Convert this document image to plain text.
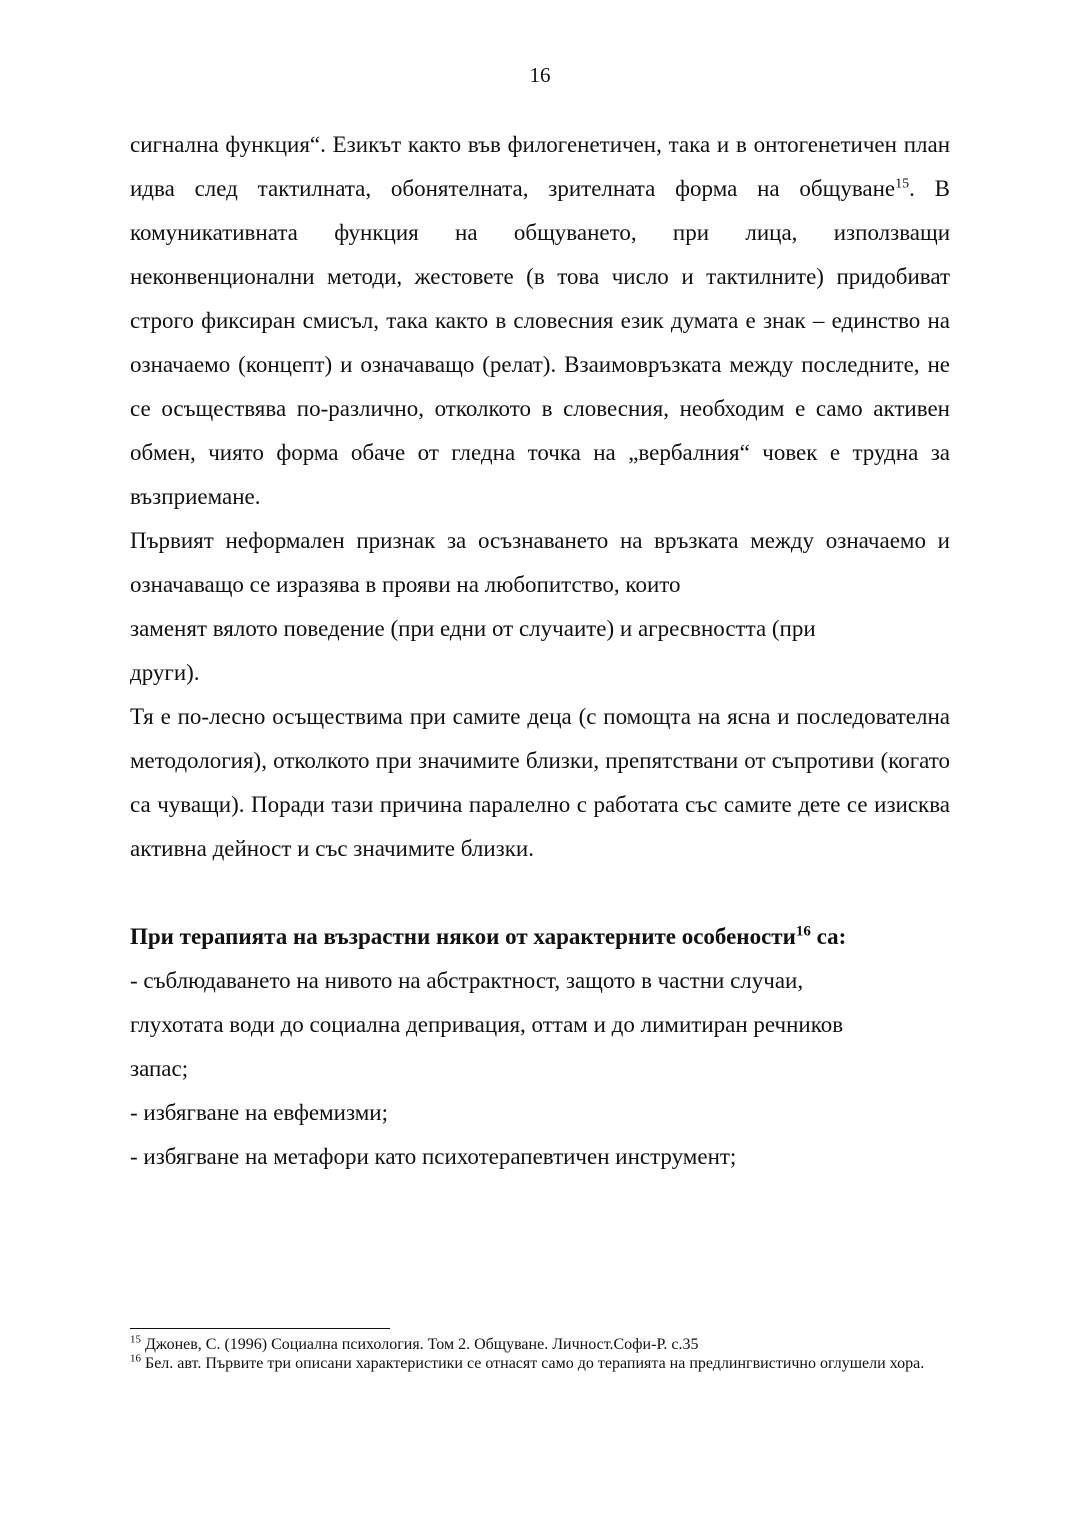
16

сигнална функция“. Езикът както във филогенетичен, така и в онтогенетичен план идва след тактилната, обонятелната, зрителната форма на общуване$^{15}$. В комуникативната функция на общуването, при лица, използващи неконвенционални методи, жестовете (в това число и тактилните) придобиват строго фиксиран смисъл, така както в словесния език думата е знак – единство на означаемо (концепт) и означаващо (релат). Взаимовръзката между последните, не се осъществява по-различно, отколкото в словесния, необходим е само активен обмен, чиято форма обаче от гледна точка на „вербалния“ човек е трудна за възприемане.

Първият неформален признак за осъзнаването на връзката между означаемо и означаващо се изразява в прояви на любопитство, които

заменят вялото поведение (при едни от случаите) и агресвността (при

други).

Тя е по-лесно осъществима при самите деца (с помощта на ясна и последователна методология), отколкото при значимите близки, препятствани от съпротиви (когато са чуващи). Поради тази причина паралелно с работата със самите дете се изисква активна дейност и със значимите близки.

При терапията на възрастни някои от характерните особености$^{16}$ са:

- съблюдаването на нивото на абстрактност, защото в частни случаи,

глухотата води до социална депривация, оттам и до лимитиран речников

запас;

- избягване на евфемизми;

- избягване на метафори като психотерапевтичен инструмент;

$^{15}$ Джонев, С. (1996) Социална психология. Том 2. Общуване. Личност.Софи-Р. с.35

$^{16}$ Бел. авт. Първите три описани характеристики се отнасят само до терапията на предлингвистично оглушели хора.
